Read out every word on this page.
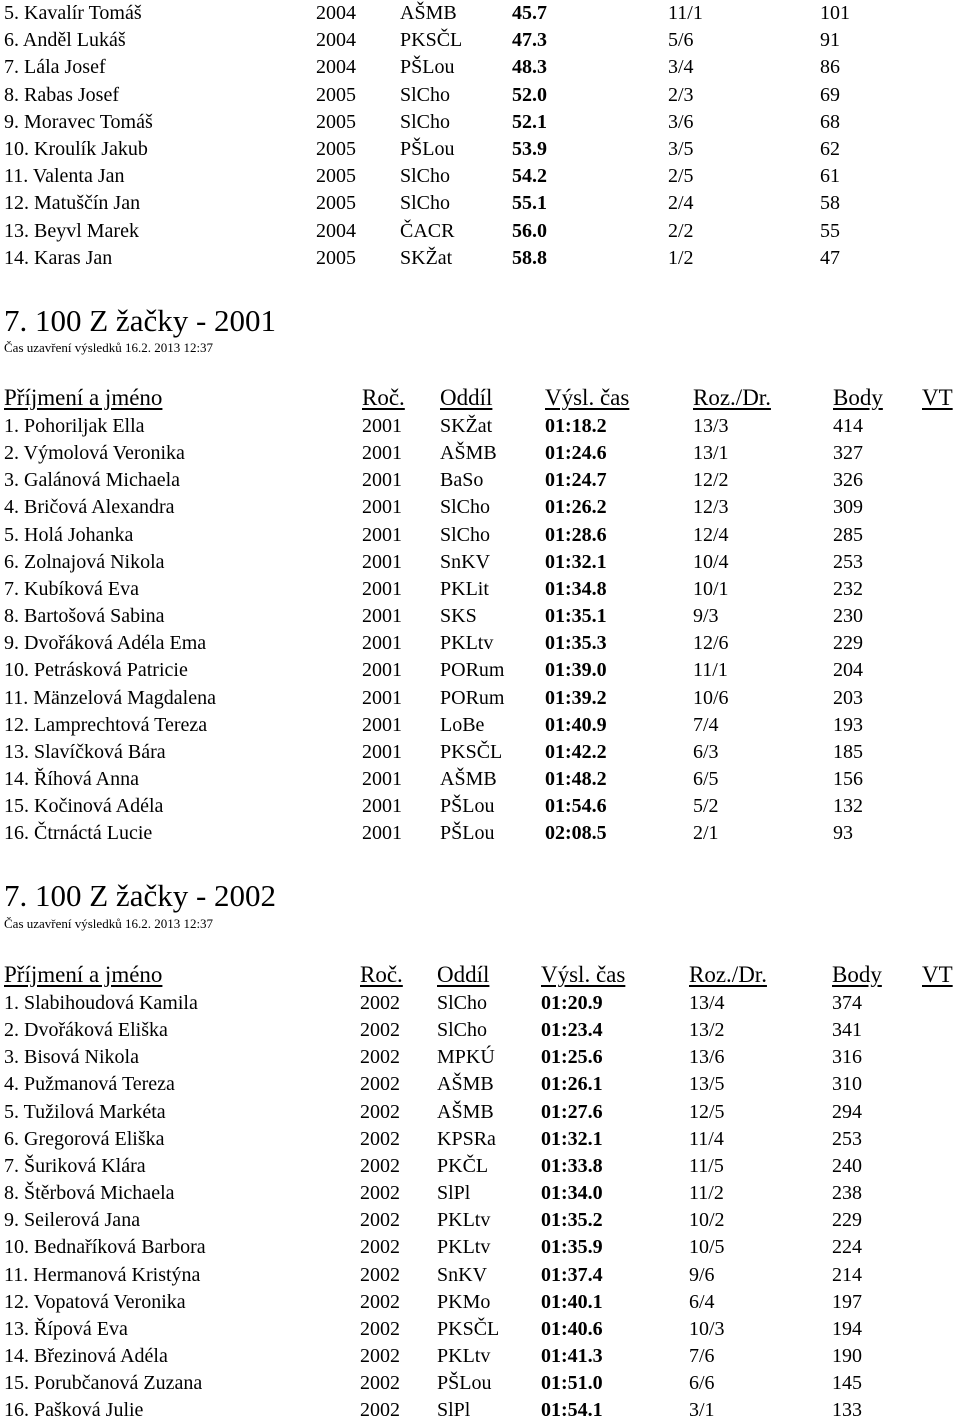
5. Kavalír Tomáš	2004 AŠMB	45.7	11/1	101
6. Anděl Lukáš	2004 PKSČL 47.3	5/6	91
7. Lála Josef	2004 PŠLou	48.3	3/4	86
8. Rabas Josef	2005 SlCho	52.0	2/3	69
9. Moravec Tomáš	2005 SlCho	52.1	3/6	68
10. Kroulík Jakub	2005 PŠLou	53.9	3/5	62
11. Valenta Jan	2005 SlCho	54.2	2/5	61
12. Matuščín Jan	2005 SlCho	55.1	2/4	58
13. Beyvl Marek	2004 ČACR	56.0	2/2	55
14. Karas Jan	2005 SKŽat	58.8	1/2	47
7. 100 Z žačky - 2001
Čas uzavření výsledků 16.2. 2013 12:37
Příjmení a jméno	Roč. Oddíl Výsl. čas	Roz./Dr.	Body VT
1. Pohoriljak Ella	2001 SKŽat	01:18.2	13/3	414
2. Výmolová Veronika	2001 AŠMB 01:24.6	13/1	327
3. Galánová Michaela	2001 BaSo	01:24.7	12/2	326
4. Bričová Alexandra	2001 SlCho	01:26.2	12/3	309
5. Holá Johanka	2001 SlCho	01:28.6	12/4	285
6. Zolnajová Nikola	2001 SnKV	01:32.1	10/4	253
7. Kubíková Eva	2001 PKLit	01:34.8	10/1	232
8. Bartošová Sabina	2001 SKS	01:35.1	9/3	230
9. Dvořáková Adéla Ema	2001 PKLtv	01:35.3	12/6	229
10. Petrásková Patricie	2001 PORum 01:39.0	11/1	204
11. Mänzelová Magdalena	2001 PORum 01:39.2	10/6	203
12. Lamprechtová Tereza	2001 LoBe	01:40.9	7/4	193
13. Slavíčková Bára	2001 PKSČL 01:42.2	6/3	185
14. Říhová Anna	2001 AŠMB 01:48.2	6/5	156
15. Kočinová Adéla	2001 PŠLou	01:54.6	5/2	132
16. Čtrnáctá Lucie	2001 PŠLou	02:08.5	2/1	93
7. 100 Z žačky - 2002
Čas uzavření výsledků 16.2. 2013 12:37
Příjmení a jméno	Roč. Oddíl Výsl. čas	Roz./Dr.	Body VT
1. Slabihoudová Kamila	2002 SlCho	01:20.9	13/4	374
2. Dvořáková Eliška	2002 SlCho	01:23.4	13/2	341
3. Bisová Nikola	2002 MPKÚ 01:25.6	13/6	316
4. Pužmanová Tereza	2002 AŠMB 01:26.1	13/5	310
5. Tužilová Markéta	2002 AŠMB 01:27.6	12/5	294
6. Gregorová Eliška	2002 KPSRa 01:32.1	11/4	253
7. Šuriková Klára	2002 PKČL	01:33.8	11/5	240
8. Štěrbová Michaela	2002 SlPl	01:34.0	11/2	238
9. Seilerová Jana	2002 PKLtv	01:35.2	10/2	229
10. Bednaříková Barbora	2002 PKLtv	01:35.9	10/5	224
11. Hermanová Kristýna	2002 SnKV	01:37.4	9/6	214
12. Vopatová Veronika	2002 PKMo	01:40.1	6/4	197
13. Řípová Eva	2002 PKSČL 01:40.6	10/3	194
14. Březinová Adéla	2002 PKLtv	01:41.3	7/6	190
15. Porubčanová Zuzana	2002 PŠLou 01:51.0	6/6	145
16. Pašková Julie	2002 SlPl	01:54.1	3/1	133
